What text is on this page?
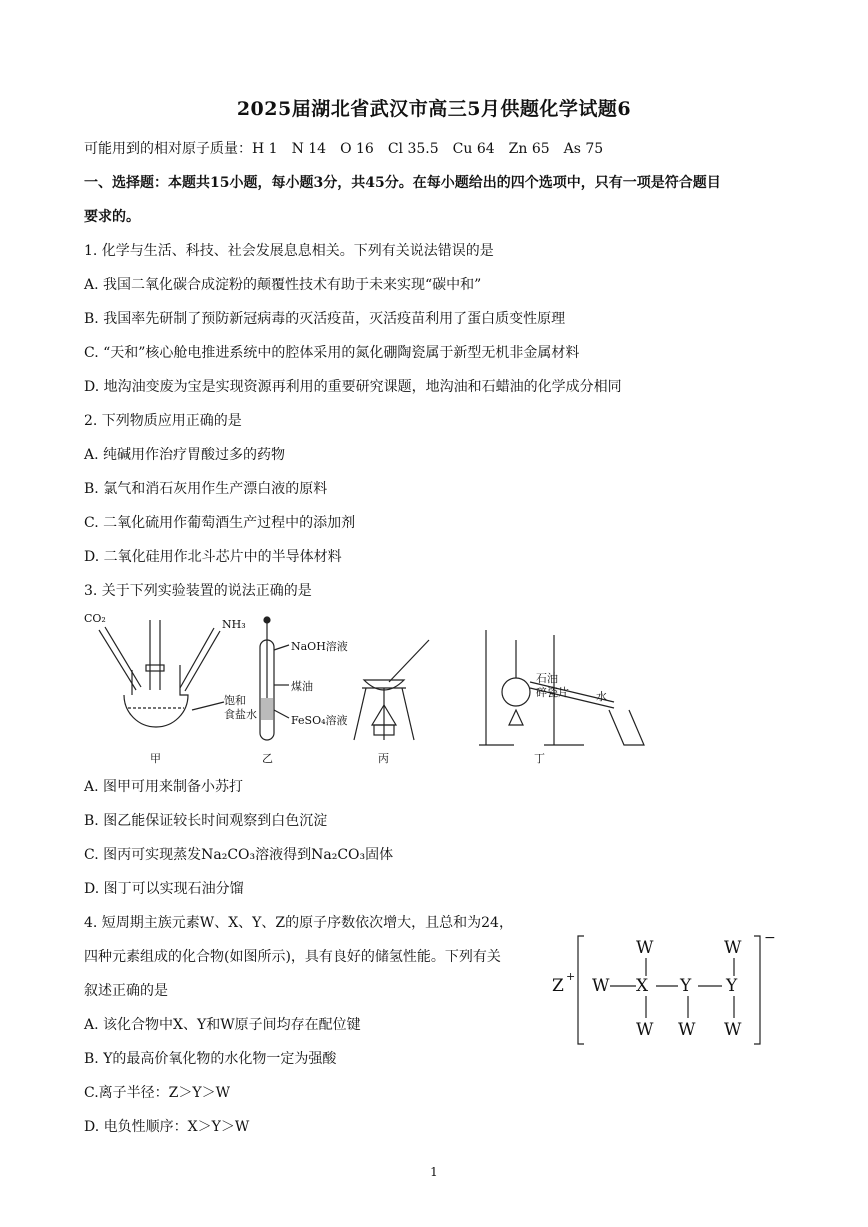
2025届湖北省武汉市高三5月供题化学试题6
可能用到的相对原子质量：H 1　N 14　O 16　Cl 35.5　Cu 64　Zn 65　As 75
一、选择题：本题共15小题，每小题3分，共45分。在每小题给出的四个选项中，只有一项是符合题目
要求的。
1. 化学与生活、科技、社会发展息息相关。下列有关说法错误的是
A. 我国二氧化碳合成淀粉的颠覆性技术有助于未来实现“碳中和”
B. 我国率先研制了预防新冠病毒的灭活疫苗，灭活疫苗利用了蛋白质变性原理
C. “天和”核心舱电推进系统中的腔体采用的氮化硼陶瓷属于新型无机非金属材料
D. 地沟油变废为宝是实现资源再利用的重要研究课题，地沟油和石蜡油的化学成分相同
2. 下列物质应用正确的是
A. 纯碱用作治疗胃酸过多的药物
B. 氯气和消石灰用作生产漂白液的原料
C. 二氧化硫用作葡萄酒生产过程中的添加剂
D. 二氧化硅用作北斗芯片中的半导体材料
3. 关于下列实验装置的说法正确的是
CO₂	NH₃
饱和
食盐水
NaOH溶液
煤油
FeSO₄溶液
石油
碎瓷片 水
甲	乙	丙	丁
A. 图甲可用来制备小苏打
B. 图乙能保证较长时间观察到白色沉淀
C. 图丙可实现蒸发Na₂CO₃溶液得到Na₂CO₃固体
D. 图丁可以实现石油分馏
4. 短周期主族元素W、X、Y、Z的原子序数依次增大，且总和为24，
四种元素组成的化合物(如图所示)，具有良好的储氢性能。下列有关
叙述正确的是
A. 该化合物中X、Y和W原子间均存在配位键
B. Y的最高价氧化物的水化物一定为强酸
C.离子半径：Z＞Y＞W
D. 电负性顺序：X＞Y＞W
Z +
−
W X Y Y
W	W
W W W
1
